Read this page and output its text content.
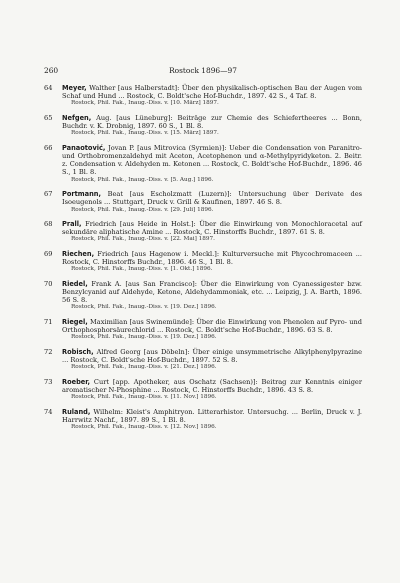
260	Rostock 1896—97
64 Meyer, Walther [aus Halberstadt]: Über den physikalisch-optischen Bau der Augen vom Schaf und Hund ... Rostock, C. Boldt'sche Hof-Buchdr., 1897. 42 S., 4 Taf. 8.
Rostock, Phil. Fak., Inaug.-Diss. v. [10. März] 1897.
65 Nefgen, Aug. [aus Lüneburg]: Beiträge zur Chemie des Schiefertheeres ... Bonn, Buchdr. v. K. Drobnig, 1897. 60 S., 1 Bl. 8.
Rostock, Phil. Fak., Inaug.-Diss. v. [15. März] 1897.
66 Panaotović, Jovan P. [aus Mitrovica (Syrmien)]: Ueber die Condensation von Paranitro- und Orthobromenzaldehyd mit Aceton, Acetophenon und α-Methylpyridyketon. 2. Beitr. z. Condensation v. Aldehyden m. Ketonen ... Rostock, C. Boldt'sche Hof-Buchdr., 1896. 46 S., 1 Bl. 8.
Rostock, Phil. Fak., Inaug.-Diss. v. [5. Aug.] 1896.
67 Portmann, Beat [aus Escholzmatt (Luzern)]: Untersuchung über Derivate des Isoeugenols ... Stuttgart, Druck v. Grill & Kaufinen, 1897. 46 S. 8.
Rostock, Phil. Fak., Inaug.-Diss. v. [29. Juli] 1896.
68 Prall, Friedrich [aus Heide in Holst.]: Über die Einwirkung von Monochloracetal auf sekundäre aliphatische Amine ... Rostock, C. Hinstorffs Buchdr., 1897. 61 S. 8.
Rostock, Phil. Fak., Inaug.-Diss. v. [22. Mai] 1897.
69 Riechen, Friedrich [aus Hagenow i. Meckl.]: Kulturversuche mit Phycochromaceen ... Rostock, C. Hinstorffs Buchdr., 1896. 46 S., 1 Bl. 8.
Rostock, Phil. Fak., Inaug.-Diss. v. [1. Okt.] 1896.
70 Riedel, Frank A. [aus San Francisco]: Über die Einwirkung von Cyanessigester bzw. Benzylcyanid auf Aldehyde, Ketone, Aldehydammoniak, etc. ... Leipzig, J. A. Barth, 1896. 56 S. 8.
Rostock, Phil. Fak., Inaug.-Diss. v. [19. Dez.] 1896.
71 Riegel, Maximilian [aus Swinemünde]: Über die Einwirkung von Phenolen auf Pyro- und Orthophosphorsäurechlorid ... Rostock, C. Boldt'sche Hof-Buchdr., 1896. 63 S. 8.
Rostock, Phil. Fak., Inaug.-Diss. v. [19. Dez.] 1896.
72 Robisch, Alfred Georg [aus Döbeln]: Über einige unsymmetrische Alkylphenylpyrazine ... Rostock, C. Boldt'sche Hof-Buchdr., 1897. 52 S. 8.
Rostock, Phil. Fak., Inaug.-Diss. v. [21. Dez.] 1896.
73 Roeber, Curt [app. Apotheker, aus Oschatz (Sachsen)]: Beitrag zur Kenntnis einiger aromatischer N-Phosphine ... Rostock, C. Hinstorffs Buchdr., 1896. 43 S. 8.
Rostock, Phil. Fak., Inaug.-Diss. v. [11. Nov.] 1896.
74 Ruland, Wilhelm: Kleist's Amphitryon. Litterarhistor. Untersuchg. ... Berlin, Druck v. J. Harrwitz Nachf., 1897. 89 S., 1 Bl. 8.
Rostock, Phil. Fak., Inaug.-Diss. v. [12. Nov.] 1896.
